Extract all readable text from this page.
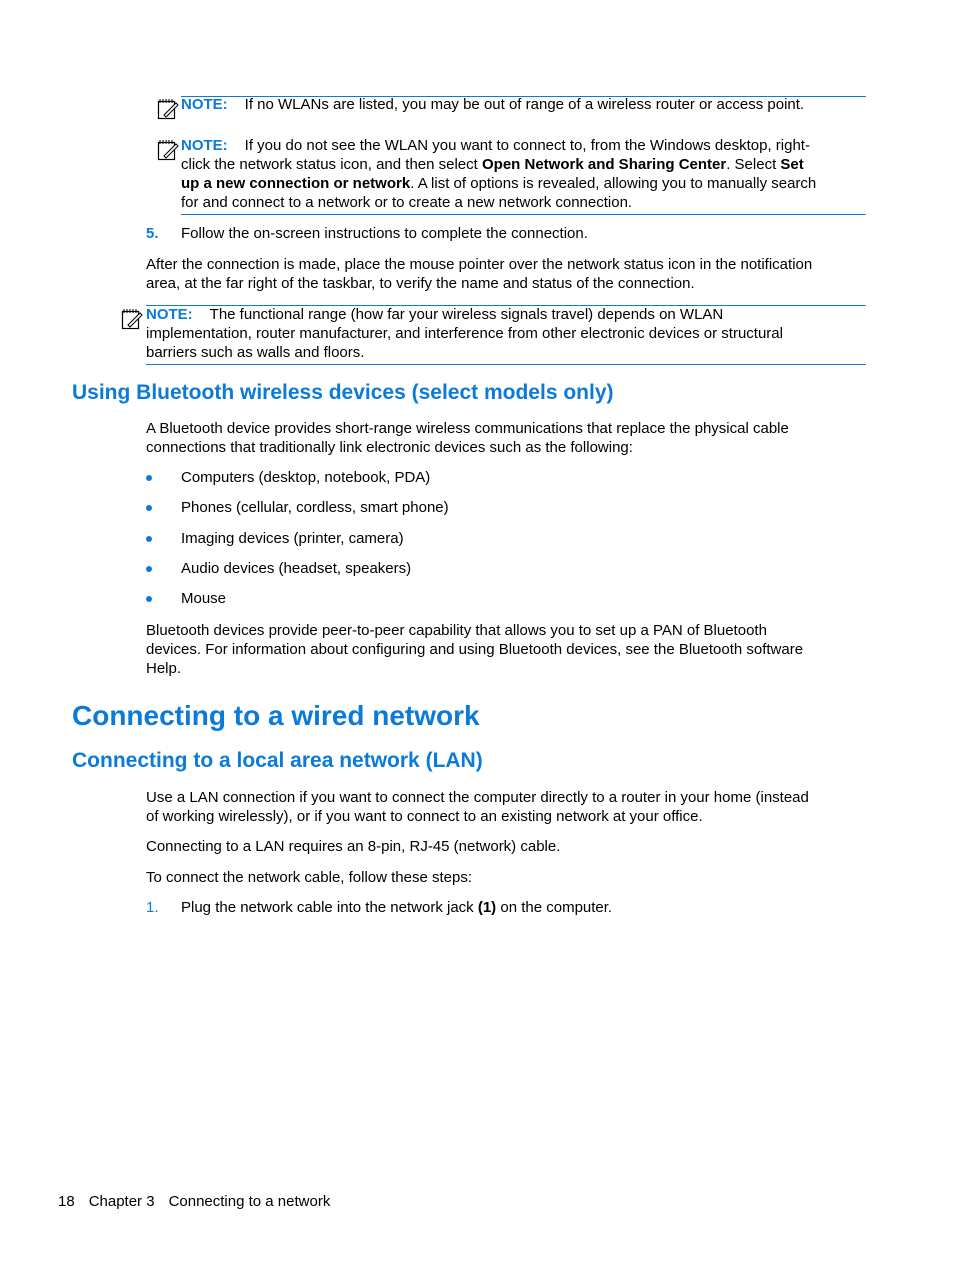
NOTE: If no WLANs are listed, you may be out of range of a wireless router or access point.
NOTE: If you do not see the WLAN you want to connect to, from the Windows desktop, right-
click the network status icon, and then select Open Network and Sharing Center. Select Set
up a new connection or network. A list of options is revealed, allowing you to manually search
for and connect to a network or to create a new network connection.
5. Follow the on-screen instructions to complete the connection.
After the connection is made, place the mouse pointer over the network status icon in the notification
area, at the far right of the taskbar, to verify the name and status of the connection.
NOTE: The functional range (how far your wireless signals travel) depends on WLAN
implementation, router manufacturer, and interference from other electronic devices or structural
barriers such as walls and floors.
Using Bluetooth wireless devices (select models only)
A Bluetooth device provides short-range wireless communications that replace the physical cable
connections that traditionally link electronic devices such as the following:
Computers (desktop, notebook, PDA)
Phones (cellular, cordless, smart phone)
Imaging devices (printer, camera)
Audio devices (headset, speakers)
Mouse
Bluetooth devices provide peer-to-peer capability that allows you to set up a PAN of Bluetooth
devices. For information about configuring and using Bluetooth devices, see the Bluetooth software
Help.
Connecting to a wired network
Connecting to a local area network (LAN)
Use a LAN connection if you want to connect the computer directly to a router in your home (instead
of working wirelessly), or if you want to connect to an existing network at your office.
Connecting to a LAN requires an 8-pin, RJ-45 (network) cable.
To connect the network cable, follow these steps:
1. Plug the network cable into the network jack (1) on the computer.
18 Chapter 3 Connecting to a network
